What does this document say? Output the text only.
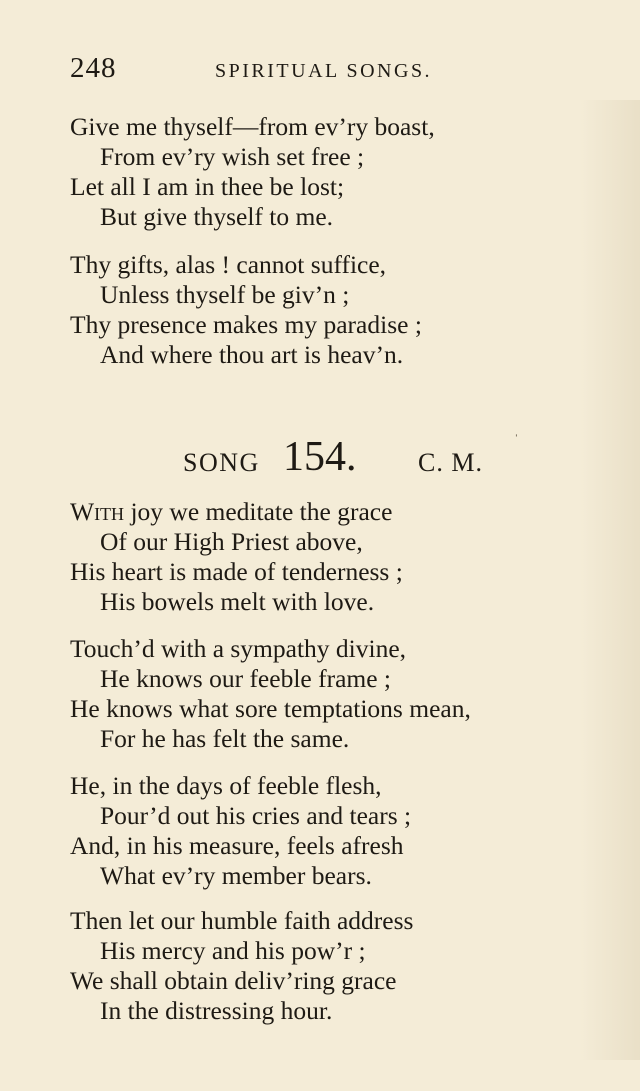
248	SPIRITUAL SONGS.
Give me thyself—from ev’ry boast,
From ev’ry wish set free ;
Let all I am in thee be lost;
But give thyself to me.
Thy gifts, alas ! cannot suffice,
Unless thyself be giv’n ;
Thy presence makes my paradise ;
And where thou art is heav’n.
SONG 154. C. M.
ˈ
With joy we meditate the grace
Of our High Priest above,
His heart is made of tenderness ;
His bowels melt with love.
Touch’d with a sympathy divine,
He knows our feeble frame ;
He knows what sore temptations mean,
For he has felt the same.
He, in the days of feeble flesh,
Pour’d out his cries and tears ;
And, in his measure, feels afresh
What ev’ry member bears.
Then let our humble faith address
His mercy and his pow’r ;
We shall obtain deliv’ring grace
In the distressing hour.
